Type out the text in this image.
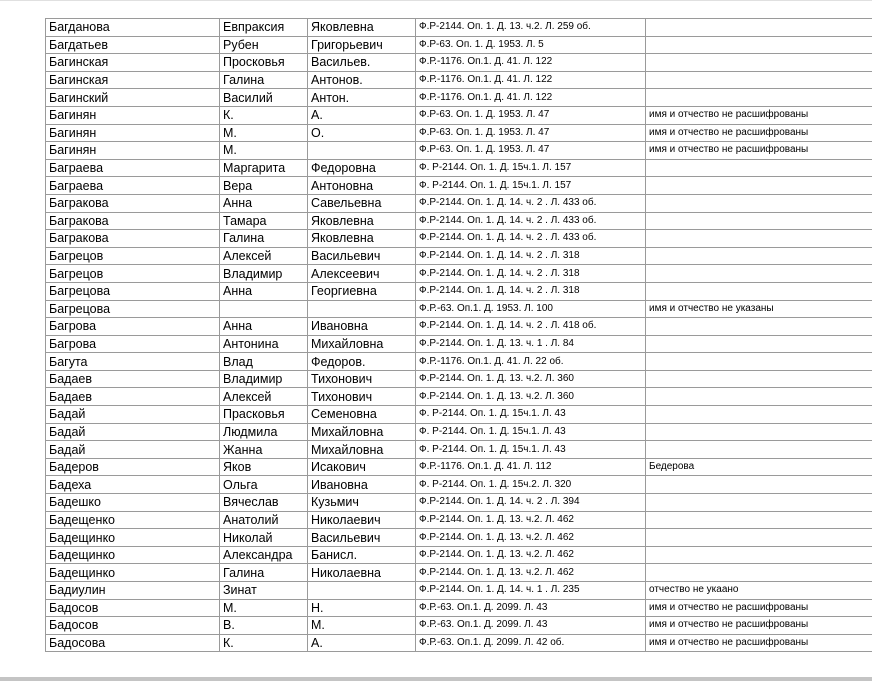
Багданова	Евпраксия	Яковлевна	Ф.Р-2144. Оп. 1. Д. 13. ч.2. Л. 259 об.	
Багдатьев	Рубен	Григорьевич	Ф.Р-63. Оп. 1. Д. 1953. Л. 5	
Багинская	Просковья	Васильев.	Ф.Р.-1176. Оп.1. Д. 41. Л. 122	
Багинская	Галина	Антонов.	Ф.Р.-1176. Оп.1. Д. 41. Л. 122	
Багинский	Василий	Антон.	Ф.Р.-1176. Оп.1. Д. 41. Л. 122	
Багинян	К.	А.	Ф.Р-63. Оп. 1. Д. 1953. Л. 47	имя и отчество не расшифрованы
Багинян	М.	О.	Ф.Р-63. Оп. 1. Д. 1953. Л. 47	имя и отчество не расшифрованы
Багинян	М.		Ф.Р-63. Оп. 1. Д. 1953. Л. 47	имя и отчество не расшифрованы
Баграева	Маргарита	Федоровна	Ф. Р-2144. Оп. 1. Д. 15ч.1. Л. 157	
Баграева	Вера	Антоновна	Ф. Р-2144. Оп. 1. Д. 15ч.1. Л. 157	
Багракова	Анна	Савельевна	Ф.Р-2144. Оп. 1. Д. 14. ч. 2 . Л. 433 об.	
Багракова	Тамара	Яковлевна	Ф.Р-2144. Оп. 1. Д. 14. ч. 2 . Л. 433 об.	
Багракова	Галина	Яковлевна	Ф.Р-2144. Оп. 1. Д. 14. ч. 2 . Л. 433 об.	
Багрецов	Алексей	Васильевич	Ф.Р-2144. Оп. 1. Д. 14. ч. 2 . Л. 318	
Багрецов	Владимир	Алексеевич	Ф.Р-2144. Оп. 1. Д. 14. ч. 2 . Л. 318	
Багрецова	Анна	Георгиевна	Ф.Р-2144. Оп. 1. Д. 14. ч. 2 . Л. 318	
Багрецова			Ф.Р.-63. Оп.1. Д. 1953. Л. 100	имя и отчество не указаны
Багрова	Анна	Ивановна	Ф.Р-2144. Оп. 1. Д. 14. ч. 2 . Л. 418 об.	
Багрова	Антонина	Михайловна	Ф.Р-2144. Оп. 1. Д. 13. ч. 1 . Л. 84	
Багута	Влад	Федоров.	Ф.Р.-1176. Оп.1. Д. 41. Л. 22 об.	
Бадаев	Владимир	Тихонович	Ф.Р-2144. Оп. 1. Д. 13. ч.2. Л. 360	
Бадаев	Алексей	Тихонович	Ф.Р-2144. Оп. 1. Д. 13. ч.2. Л. 360	
Бадай	Прасковья	Семеновна	Ф. Р-2144. Оп. 1. Д. 15ч.1. Л. 43	
Бадай	Людмила	Михайловна	Ф. Р-2144. Оп. 1. Д. 15ч.1. Л. 43	
Бадай	Жанна	Михайловна	Ф. Р-2144. Оп. 1. Д. 15ч.1. Л. 43	
Бадеров	Яков	Исакович	Ф.Р.-1176. Оп.1. Д. 41. Л. 112	Бедерова
Бадеха	Ольга	Ивановна	Ф. Р-2144. Оп. 1. Д. 15ч.2. Л. 320	
Бадешко	Вячеслав	Кузьмич	Ф.Р-2144. Оп. 1. Д. 14. ч. 2 . Л. 394	
Бадещенко	Анатолий	Николаевич	Ф.Р-2144. Оп. 1. Д. 13. ч.2. Л. 462	
Бадещинко	Николай	Васильевич	Ф.Р-2144. Оп. 1. Д. 13. ч.2. Л. 462	
Бадещинко	Александра	Банисл.	Ф.Р-2144. Оп. 1. Д. 13. ч.2. Л. 462	
Бадещинко	Галина	Николаевна	Ф.Р-2144. Оп. 1. Д. 13. ч.2. Л. 462	
Бадиулин	Зинат		Ф.Р-2144. Оп. 1. Д. 14. ч. 1 . Л. 235	отчество не укаано
Бадосов	М.	Н.	Ф.Р.-63. Оп.1. Д. 2099. Л. 43	имя и отчество не расшифрованы
Бадосов	В.	М.	Ф.Р.-63. Оп.1. Д. 2099. Л. 43	имя и отчество не расшифрованы
Бадосова	К.	А.	Ф.Р.-63. Оп.1. Д. 2099. Л. 42 об.	имя и отчество не расшифрованы
